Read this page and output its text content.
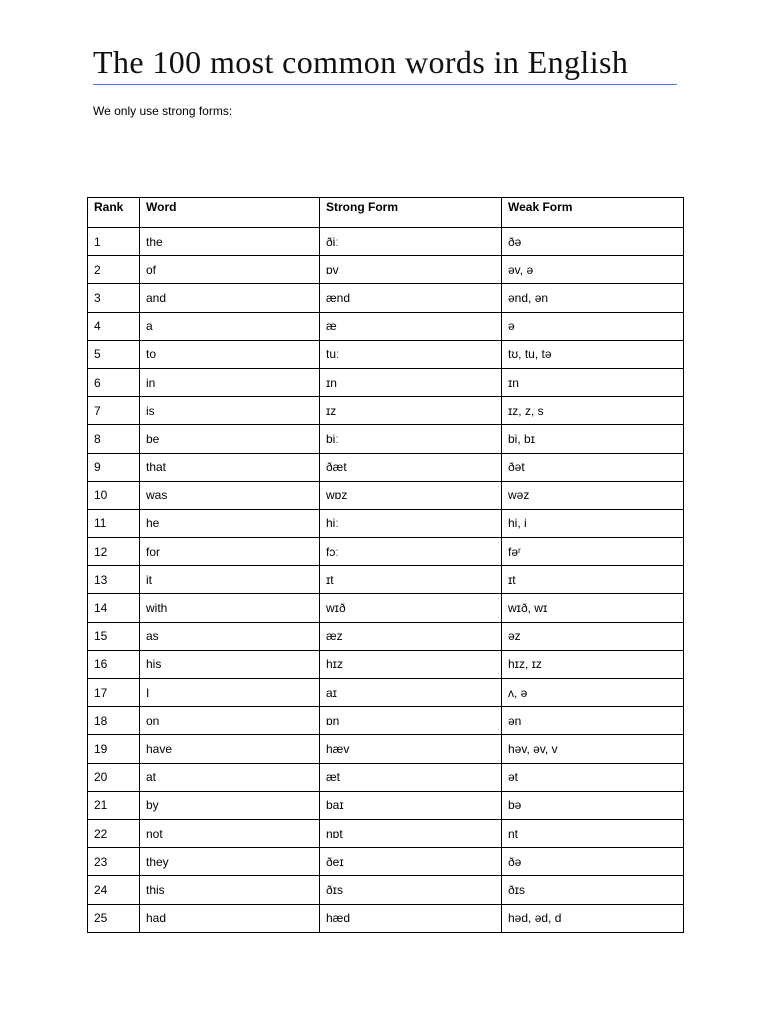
The 100 most common words in English

We only use strong forms:

Rank	Word	Strong Form	Weak Form
1	the	ðiː	ðə
2	of	ɒv	əv, ə
3	and	ænd	ənd, ən
4	a	æ	ə
5	to	tuː	tʊ, tu, tə
6	in	ɪn	ɪn
7	is	ɪz	ɪz, z, s
8	be	biː	bi, bɪ
9	that	ðæt	ðət
10	was	wɒz	wəz
11	he	hiː	hi, i
12	for	fɔː	fəʳ
13	it	ɪt	ɪt
14	with	wɪð	wɪð, wɪ
15	as	æz	əz
16	his	hɪz	hɪz, ɪz
17	I	aɪ	ʌ, ə
18	on	ɒn	ən
19	have	hæv	həv, əv, v
20	at	æt	ət
21	by	baɪ	bə
22	not	nɒt	nt
23	they	ðeɪ	ðə
24	this	ðɪs	ðɪs
25	had	hæd	həd, əd, d
